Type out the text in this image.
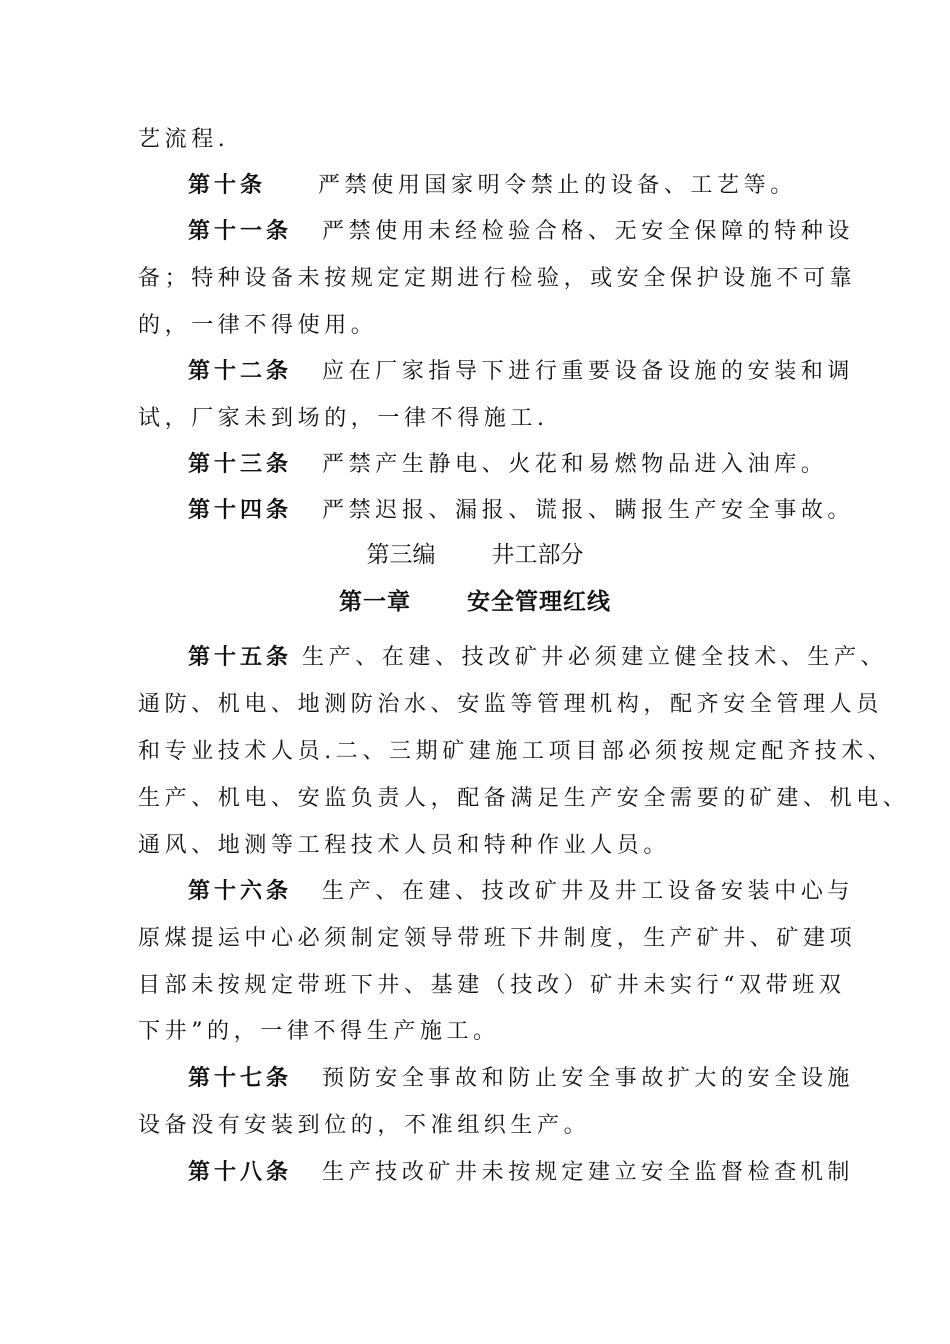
艺流程.
第十条 严禁使用国家明令禁止的设备、工艺等。
第十一条 严禁使用未经检验合格、无安全保障的特种设
备；特种设备未按规定定期进行检验，或安全保护设施不可靠
的，一律不得使用。
第十二条 应在厂家指导下进行重要设备设施的安装和调
试，厂家未到场的，一律不得施工.
第十三条 严禁产生静电、火花和易燃物品进入油库。
第十四条 严禁迟报、漏报、谎报、瞒报生产安全事故。
第三编 井工部分
第一章 安全管理红线
第十五条 生产、在建、技改矿井必须建立健全技术、生产、
通防、机电、地测防治水、安监等管理机构，配齐安全管理人员
和专业技术人员.二、三期矿建施工项目部必须按规定配齐技术、
生产、机电、安监负责人，配备满足生产安全需要的矿建、机电、
通风、地测等工程技术人员和特种作业人员。
第十六条 生产、在建、技改矿井及井工设备安装中心与
原煤提运中心必须制定领导带班下井制度，生产矿井、矿建项
目部未按规定带班下井、基建（技改）矿井未实行“双带班双
下井”的，一律不得生产施工。
第十七条 预防安全事故和防止安全事故扩大的安全设施
设备没有安装到位的，不准组织生产。
第十八条 生产技改矿井未按规定建立安全监督检查机制
